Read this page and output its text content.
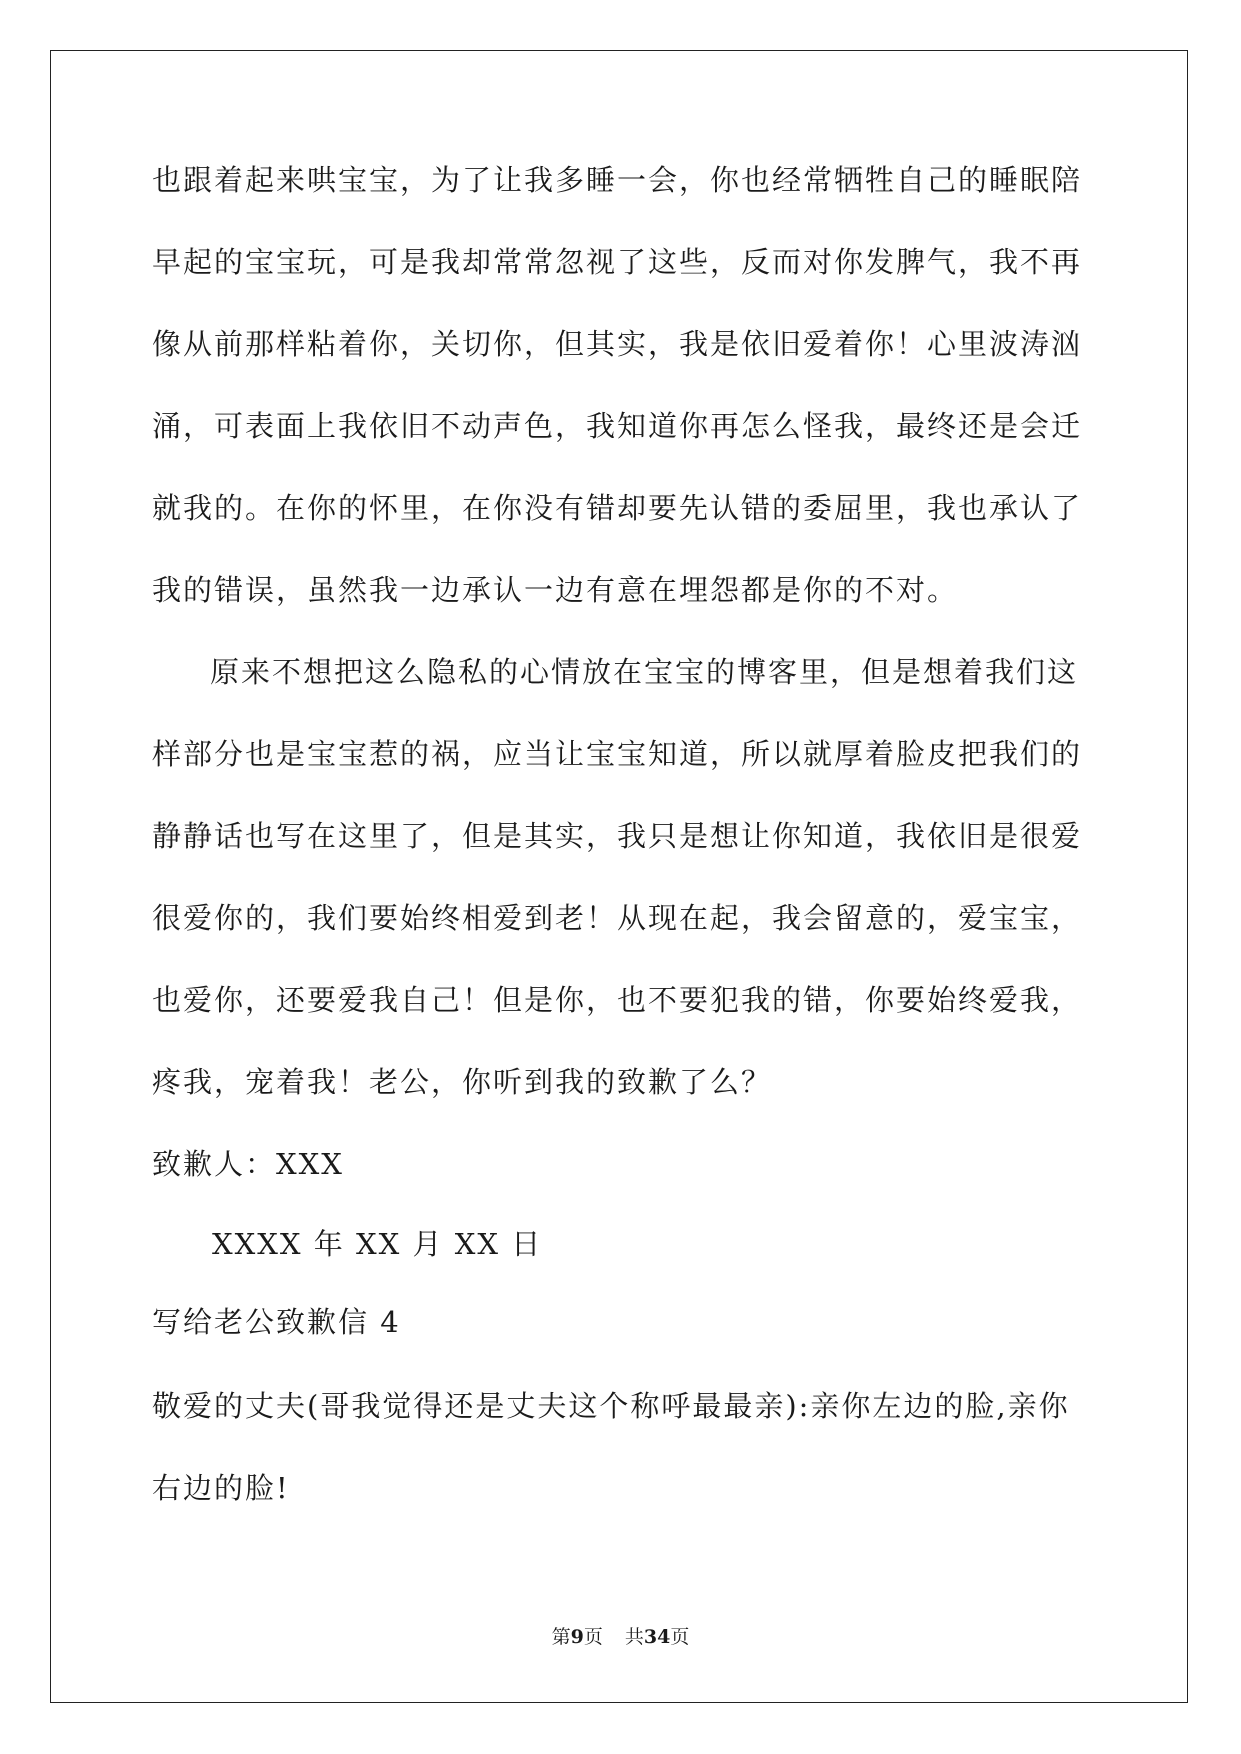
也跟着起来哄宝宝，为了让我多睡一会，你也经常牺牲自己的睡眠陪
早起的宝宝玩，可是我却常常忽视了这些，反而对你发脾气，我不再
像从前那样粘着你，关切你，但其实，我是依旧爱着你！心里波涛汹
涌，可表面上我依旧不动声色，我知道你再怎么怪我，最终还是会迁
就我的。在你的怀里，在你没有错却要先认错的委屈里，我也承认了
我的错误，虽然我一边承认一边有意在埋怨都是你的不对。
原来不想把这么隐私的心情放在宝宝的博客里，但是想着我们这
样部分也是宝宝惹的祸，应当让宝宝知道，所以就厚着脸皮把我们的
静静话也写在这里了，但是其实，我只是想让你知道，我依旧是很爱
很爱你的，我们要始终相爱到老！从现在起，我会留意的，爱宝宝，
也爱你，还要爱我自己！但是你，也不要犯我的错，你要始终爱我，
疼我，宠着我！老公，你听到我的致歉了么？
致歉人：XXX
XXXX 年 XX 月 XX 日
写给老公致歉信 4
敬爱的丈夫(哥我觉得还是丈夫这个称呼最最亲):亲你左边的脸,亲你
右边的脸!
第9页 共34页
